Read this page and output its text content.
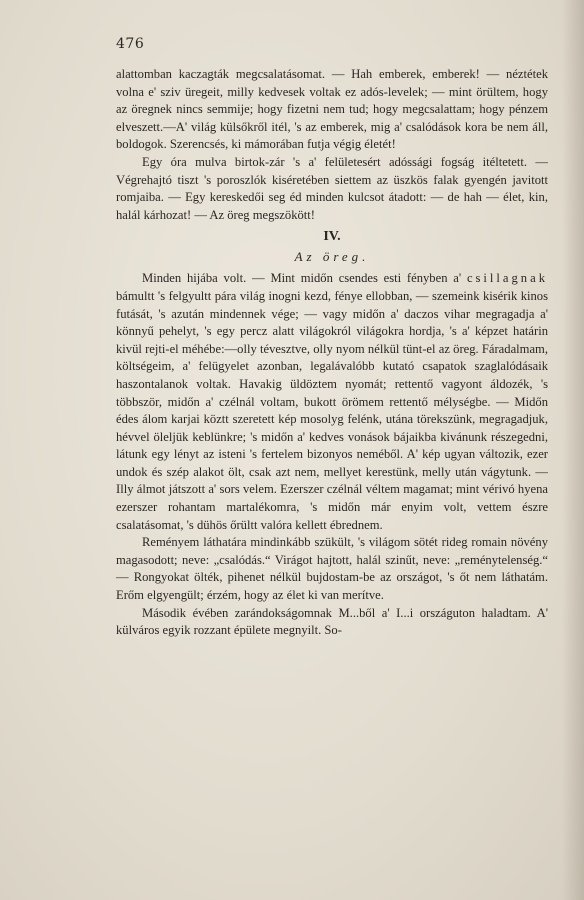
476

alattomban kaczagták megcsalatásomat. — Hah emberek, emberek! — néztétek volna e' sziv üregeit, milly kedvesek voltak ez adós-levelek; — mint örültem, hogy az öregnek nincs semmije; hogy fizetni nem tud; hogy megcsalattam; hogy pénzem elveszett.—A' világ külsőkről itél, 's az emberek, mig a' csalódások kora be nem áll, boldogok. Szerencsés, ki mámorában futja végig életét!

Egy óra mulva birtok-zár 's a' felületesért adóssági fogság itéltetett. — Végrehajtó tiszt 's poroszlók kiséretében siettem az üszkös falak gyengén javitott romjaiba. — Egy kereskedői seg éd minden kulcsot átadott: — de hah — élet, kin, halál kárhozat! — Az öreg megszökött!

IV.
Az öreg.

Minden hijába volt. — Mint midőn csendes esti fényben a' csillagnak bámultt 's felgyultt pára világ inogni kezd, fénye ellobban, — szemeink kisérik kinos futását, 's azután mindennek vége; — vagy midőn a' daczos vihar megragadja a' könnyű pehelyt, 's egy percz alatt világokról világokra hordja, 's a' képzet határin kivül rejti-el méhébe:—olly tévesztve, olly nyom nélkül tünt-el az öreg. Fáradalmam, költségeim, a' felügyelet azonban, legalávalóbb kutató csapatok szaglalódásaik haszontalanok voltak. Havakig üldöztem nyomát; rettentő vagyont áldozék, 's többször, midőn a' czélnál voltam, bukott örömem rettentő mélységbe. — Midőn édes álom karjai köztt szeretett kép mosolyg felénk, utána törekszünk, megragadjuk, hévvel öleljük keblünkre; 's midőn a' kedves vonások bájaikba kivánunk részegedni, látunk egy lényt az isteni 's fertelem bizonyos neméből. A' kép ugyan változik, ezer undok és szép alakot ölt, csak azt nem, mellyet kerestünk, melly után vágytunk. — Illy álmot játszott a' sors velem. Ezerszer czélnál véltem magamat; mint vérivó hyena ezerszer rohantam martalékomra, 's midőn már enyim volt, vettem észre csalatásomat, 's dühös őrültt valóra kellett ébrednem.

Reményem láthatára mindinkább szükült, 's világom sötét rideg romain növény magasodott; neve: „csalódás.“ Virágot hajtott, halál szinűt, neve: „reménytelenség.“ — Rongyokat ölték, pihenet nélkül bujdostam-be az országot, 's őt nem láthatám. Erőm elgyengült; érzém, hogy az élet ki van merítve.

Második évében zarándokságomnak M...ből a' I...i országuton haladtam. A' külváros egyik rozzant épülete megnyilt. So-
